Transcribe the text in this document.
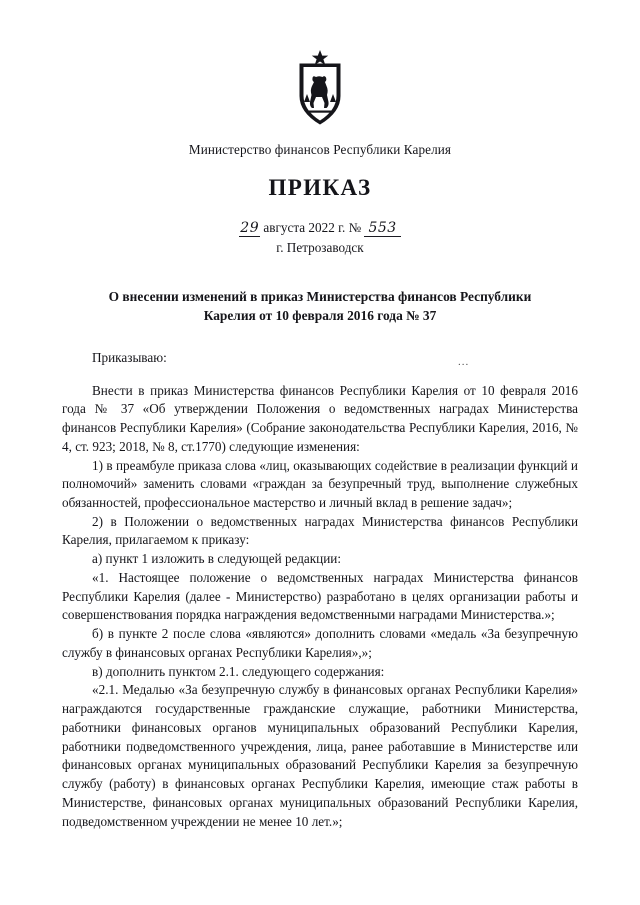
Министерство финансов Республики Карелия
ПРИКАЗ
29 августа 2022 г. № 553
г. Петрозаводск
О внесении изменений в приказ Министерства финансов Республики
Карелия от 10 февраля 2016 года № 37
...

Приказываю:

Внести в приказ Министерства финансов Республики Карелия от 10 февраля 2016 года № 37 «Об утверждении Положения о ведомственных наградах Министерства финансов Республики Карелия» (Собрание законодательства Республики Карелия, 2016, № 4, ст. 923; 2018, № 8, ст.1770) следующие изменения:

1) в преамбуле приказа слова «лиц, оказывающих содействие в реализации функций и полномочий» заменить словами «граждан за безупречный труд, выполнение служебных обязанностей, профессиональное мастерство и личный вклад в решение задач»;

2) в Положении о ведомственных наградах Министерства финансов Республики Карелия, прилагаемом к приказу:

а) пункт 1 изложить в следующей редакции:

«1. Настоящее положение о ведомственных наградах Министерства финансов Республики Карелия (далее - Министерство) разработано в целях организации работы и совершенствования порядка награждения ведомственными наградами Министерства.»;

б) в пункте 2 после слова «являются» дополнить словами «медаль «За безупречную службу в финансовых органах Республики Карелия»,»;

в) дополнить пунктом 2.1. следующего содержания:

«2.1. Медалью «За безупречную службу в финансовых органах Республики Карелия» награждаются государственные гражданские служащие, работники Министерства, работники финансовых органов муниципальных образований Республики Карелия, работники подведомственного учреждения, лица, ранее работавшие в Министерстве или финансовых органах муниципальных образований Республики Карелия за безупречную службу (работу) в финансовых органах Республики Карелия, имеющие стаж работы в Министерстве, финансовых органах муниципальных образований Республики Карелия, подведомственном учреждении не менее 10 лет.»;
